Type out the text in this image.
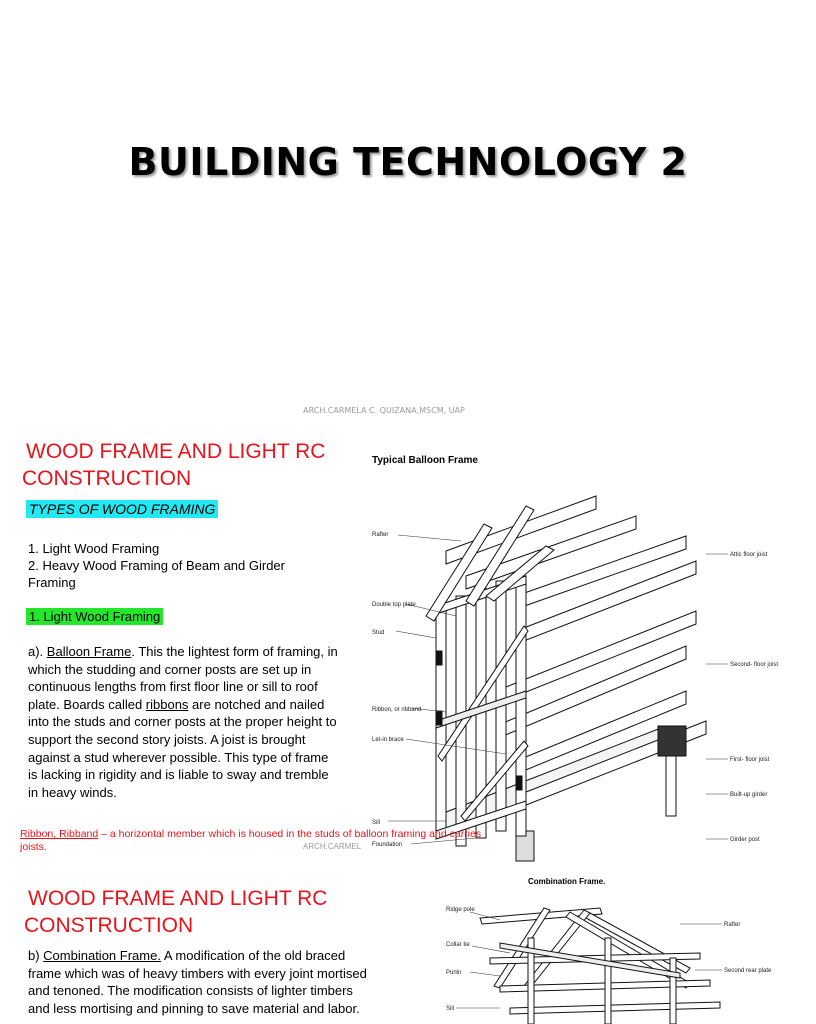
BUILDING TECHNOLOGY 2
ARCH.CARMELA C. QUIZANA,MSCM, UAP
WOOD FRAME AND LIGHT RC
CONSTRUCTION
TYPES OF WOOD FRAMING
1. Light Wood Framing
2. Heavy Wood Framing of Beam and Girder Framing
1. Light Wood Framing
a). Balloon Frame. This the lightest form of framing, in which the studding and corner posts are set up in continuous lengths from first floor line or sill to roof plate. Boards called ribbons are notched and nailed into the studs and corner posts at the proper height to support the second story joists. A joist is brought against a stud wherever possible. This type of frame is lacking in rigidity and is liable to sway and tremble in heavy winds.
Typical Balloon Frame
Rafter
Double top plate
Stud
Ribbon, or ribband
Let-in brace
Sill
Foundation
Attic floor joist
Second- floor joist
First- floor joist
Built-up girder
Girder post
Ribbon, Ribband – a horizontal member which is housed in the studs of balloon framing and carries joists.	ARCH.CARMEL
WOOD FRAME AND LIGHT RC
CONSTRUCTION
b) Combination Frame. A modification of the old braced frame which was of heavy timbers with every joint mortised and tenoned. The modification consists of lighter timbers and less mortising and pinning to save material and labor.
Combination Frame.
Ridge pole
Collar tie
Purlin
Sill
Rafter
Second rear plate
